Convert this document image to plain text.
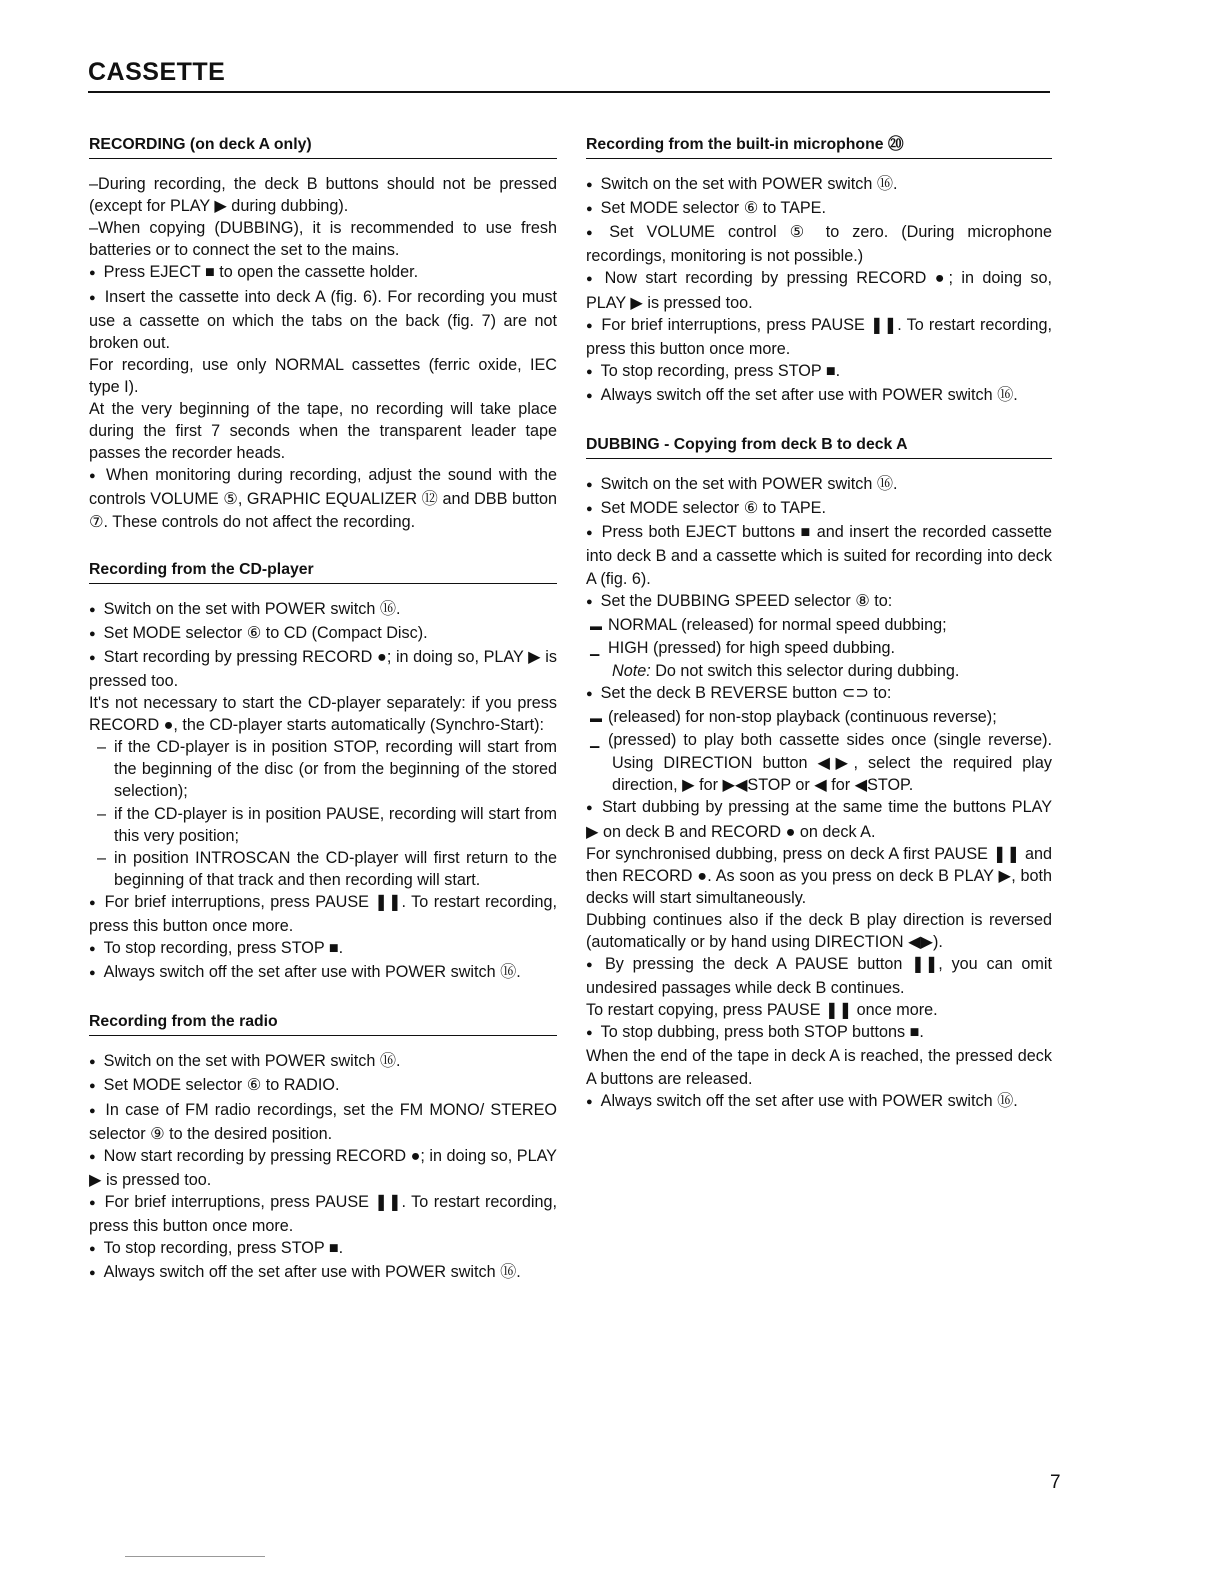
CASSETTE
RECORDING (on deck A only)

–During recording, the deck B buttons should not be pressed (except for PLAY ▶ during dubbing).

–When copying (DUBBING), it is recommended to use fresh batteries or to connect the set to the mains.

● Press EJECT ■ to open the cassette holder.

● Insert the cassette into deck A (fig. 6). For recording you must use a cassette on which the tabs on the back (fig. 7) are not broken out.

For recording, use only NORMAL cassettes (ferric oxide, IEC type I).

At the very beginning of the tape, no recording will take place during the first 7 seconds when the transparent leader tape passes the recorder heads.

● When monitoring during recording, adjust the sound with the controls VOLUME ⑤, GRAPHIC EQUALIZER ⑫ and DBB button ⑦. These controls do not affect the recording.

Recording from the CD-player

● Switch on the set with POWER switch ⑯.

● Set MODE selector ⑥ to CD (Compact Disc).

● Start recording by pressing RECORD ●; in doing so, PLAY ▶ is pressed too.

It's not necessary to start the CD-player separately: if you press RECORD ●, the CD-player starts automatically (Synchro-Start):

– if the CD-player is in position STOP, recording will start from the beginning of the disc (or from the beginning of the stored selection);

– if the CD-player is in position PAUSE, recording will start from this very position;

– in position INTROSCAN the CD-player will first return to the beginning of that track and then recording will start.

● For brief interruptions, press PAUSE ❚❚. To restart recording, press this button once more.

● To stop recording, press STOP ■.

● Always switch off the set after use with POWER switch ⑯.

Recording from the radio

● Switch on the set with POWER switch ⑯.

● Set MODE selector ⑥ to RADIO.

● In case of FM radio recordings, set the FM MONO/ STEREO selector ⑨ to the desired position.

● Now start recording by pressing RECORD ●; in doing so, PLAY ▶ is pressed too.

● For brief interruptions, press PAUSE ❚❚. To restart recording, press this button once more.

● To stop recording, press STOP ■.

● Always switch off the set after use with POWER switch ⑯.

Recording from the built-in microphone ⑳

● Switch on the set with POWER switch ⑯.

● Set MODE selector ⑥ to TAPE.

● Set VOLUME control ⑤ to zero. (During microphone recordings, monitoring is not possible.)

● Now start recording by pressing RECORD ●; in doing so, PLAY ▶ is pressed too.

● For brief interruptions, press PAUSE ❚❚. To restart recording, press this button once more.

● To stop recording, press STOP ■.

● Always switch off the set after use with POWER switch ⑯.

DUBBING - Copying from deck B to deck A

● Switch on the set with POWER switch ⑯.

● Set MODE selector ⑥ to TAPE.

● Press both EJECT buttons ■ and insert the recorded cassette into deck B and a cassette which is suited for recording into deck A (fig. 6).

● Set the DUBBING SPEED selector ⑧ to:

▬ NORMAL (released) for normal speed dubbing;

▁ HIGH (pressed) for high speed dubbing.

Note: Do not switch this selector during dubbing.

● Set the deck B REVERSE button ⊂⊃ to:

▬ (released) for non-stop playback (continuous reverse);

▁ (pressed) to play both cassette sides once (single reverse). Using DIRECTION button ◀▶, select the required play direction, ▶ for ▶◀STOP or ◀ for ◀STOP.

● Start dubbing by pressing at the same time the buttons PLAY ▶ on deck B and RECORD ● on deck A.

For synchronised dubbing, press on deck A first PAUSE ❚❚ and then RECORD ●. As soon as you press on deck B PLAY ▶, both decks will start simultaneously.

Dubbing continues also if the deck B play direction is reversed (automatically or by hand using DIRECTION ◀▶).

● By pressing the deck A PAUSE button ❚❚, you can omit undesired passages while deck B continues.

To restart copying, press PAUSE ❚❚ once more.

● To stop dubbing, press both STOP buttons ■.

When the end of the tape in deck A is reached, the pressed deck A buttons are released.

● Always switch off the set after use with POWER switch ⑯.

7
